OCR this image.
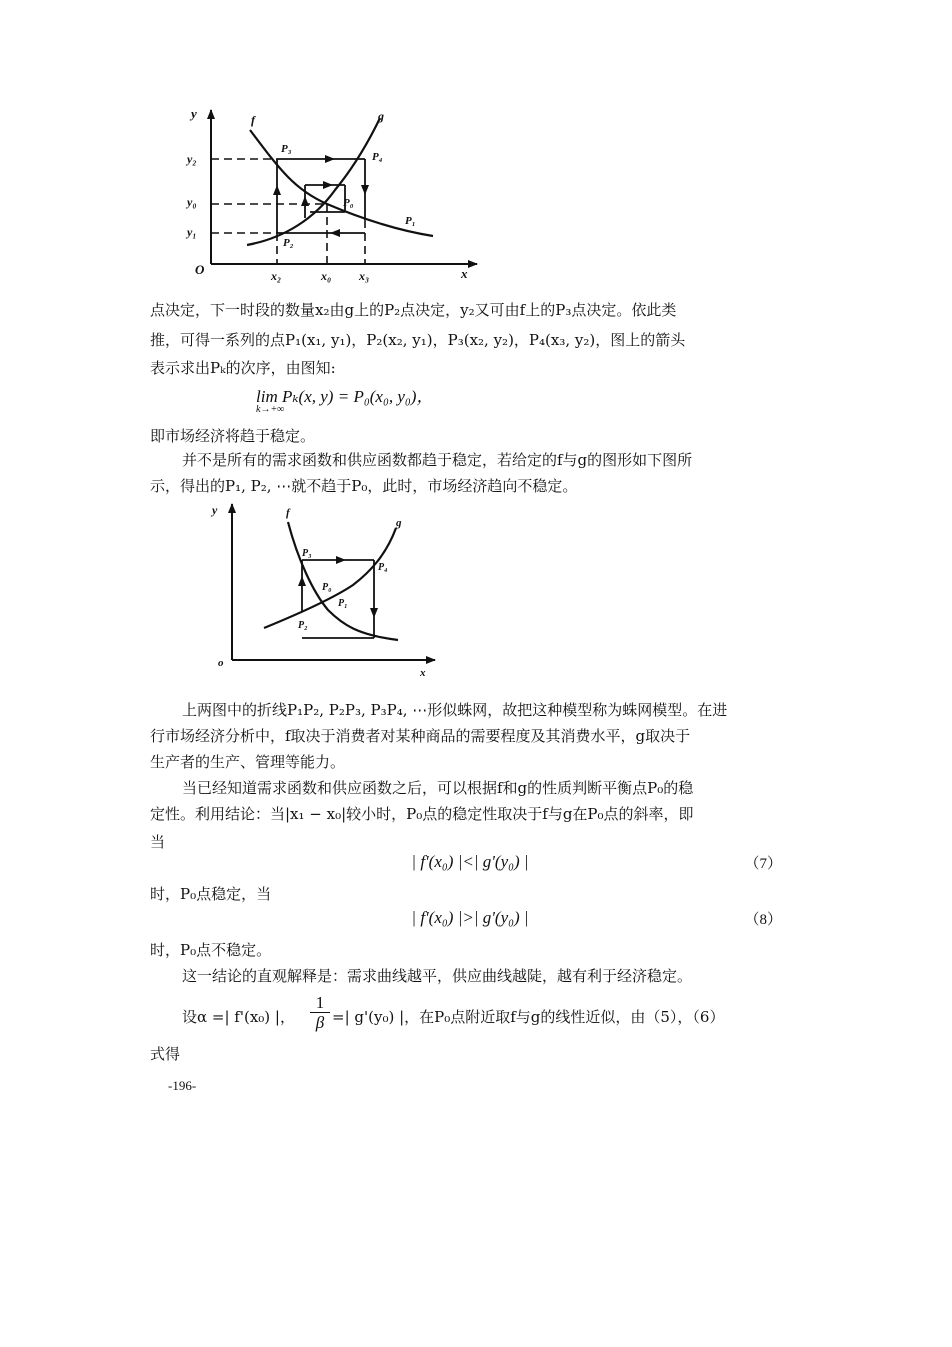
y
x
O
f	g
y₂
y₀
y₁
x₂	x₀ x₃
P₀
P₁
P₂
P₃
P₄

点决定，下一时段的数量x₂由g上的P₂点决定，y₂又可由f上的P₃点决定。依此类

推，可得一系列的点P₁(x₁, y₁)，P₂(x₂, y₁)，P₃(x₂, y₂)，P₄(x₃, y₂)，图上的箭头

表示求出Pₖ的次序，由图知:

lim Pₖ(x, y) = P₀(x₀, y₀)，
k→+∞

即市场经济将趋于稳定。

并不是所有的需求函数和供应函数都趋于稳定，若给定的f与g的图形如下图所

示，得出的P₁, P₂, ⋯就不趋于P₀，此时，市场经济趋向不稳定。

y
x
o
f
g
P₀
P₁
P₂
P₃
P₄

上两图中的折线P₁P₂, P₂P₃, P₃P₄, ⋯形似蛛网，故把这种模型称为蛛网模型。在进

行市场经济分析中，f取决于消费者对某种商品的需要程度及其消费水平，g取决于

生产者的生产、管理等能力。

当已经知道需求函数和供应函数之后，可以根据f和g的性质判断平衡点P₀的稳

定性。利用结论：当|x₁ − x₀|较小时，P₀点的稳定性取决于f与g在P₀点的斜率，即

当

| f'(x₀) |<| g'(y₀) |	（7）

时，P₀点稳定，当

| f'(x₀) |>| g'(y₀) |	（8）

时，P₀点不稳定。

这一结论的直观解释是：需求曲线越平，供应曲线越陡，越有利于经济稳定。

设α =| f'(x₀) |， $\frac{1}{\beta}$ =| g'(y₀) |，在P₀点附近取f与g的线性近似，由（5），（6）

式得

-196-
